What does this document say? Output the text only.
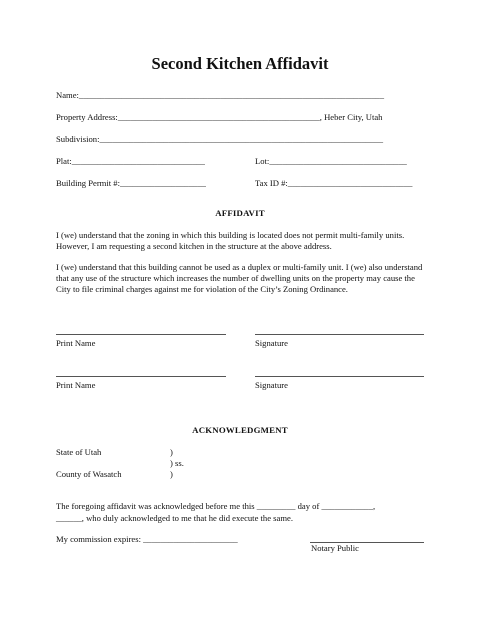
Second Kitchen Affidavit
Name:_______________________________________________________________________
Property Address:_______________________________________________, Heber City, Utah
Subdivision:__________________________________________________________________
Plat:_______________________________	Lot:________________________________
Building Permit #:____________________	Tax ID #:_____________________________
AFFIDAVIT
I (we) understand that the zoning in which this building is located does not permit multi-family units. However, I am requesting a second kitchen in the structure at the above address.
I (we) understand that this building cannot be used as a duplex or multi-family unit. I (we) also understand that any use of the structure which increases the number of dwelling units on the property may cause the City to file criminal charges against me for violation of the City’s Zoning Ordinance.
Print Name	Signature
Print Name	Signature
ACKNOWLEDGMENT
State of Utah	)
) ss.
County of Wasatch	)
The foregoing affidavit was acknowledged before me this _________ day of ____________,
______, who duly acknowledged to me that he did execute the same.
My commission expires: ______________________
Notary Public
